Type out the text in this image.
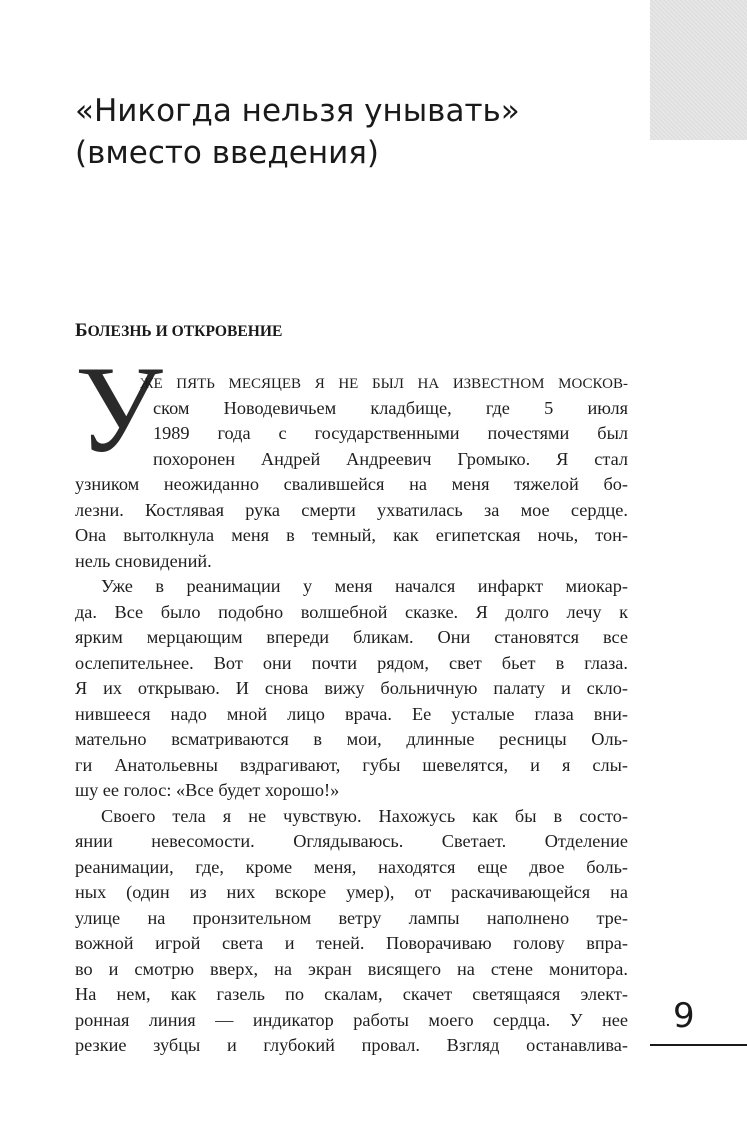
«Никогда нельзя унывать»
(вместо введения)
БОЛЕЗНЬ И ОТКРОВЕНИЕ
У
ЖЕ ПЯТЬ МЕСЯЦЕВ Я НЕ БЫЛ НА ИЗВЕСТНОМ МОСКОВ-
ском Новодевичьем кладбище, где 5 июля
1989 года с государственными почестями был
похоронен Андрей Андреевич Громыко. Я стал
узником неожиданно свалившейся на меня тяжелой бо-
лезни. Костлявая рука смерти ухватилась за мое сердце.
Она вытолкнула меня в темный, как египетская ночь, тон-
нель сновидений.
Уже в реанимации у меня начался инфаркт миокар-
да. Все было подобно волшебной сказке. Я долго лечу к
ярким мерцающим впереди бликам. Они становятся все
ослепительнее. Вот они почти рядом, свет бьет в глаза.
Я их открываю. И снова вижу больничную палату и скло-
нившееся надо мной лицо врача. Ее усталые глаза вни-
мательно всматриваются в мои, длинные ресницы Оль-
ги Анатольевны вздрагивают, губы шевелятся, и я слы-
шу ее голос: «Все будет хорошо!»
Своего тела я не чувствую. Нахожусь как бы в состо-
янии невесомости. Оглядываюсь. Светает. Отделение
реанимации, где, кроме меня, находятся еще двое боль-
ных (один из них вскоре умер), от раскачивающейся на
улице на пронзительном ветру лампы наполнено тре-
вожной игрой света и теней. Поворачиваю голову впра-
во и смотрю вверх, на экран висящего на стене монитора.
На нем, как газель по скалам, скачет светящаяся элект-
ронная линия — индикатор работы моего сердца. У нее
резкие зубцы и глубокий провал. Взгляд останавлива-
9
